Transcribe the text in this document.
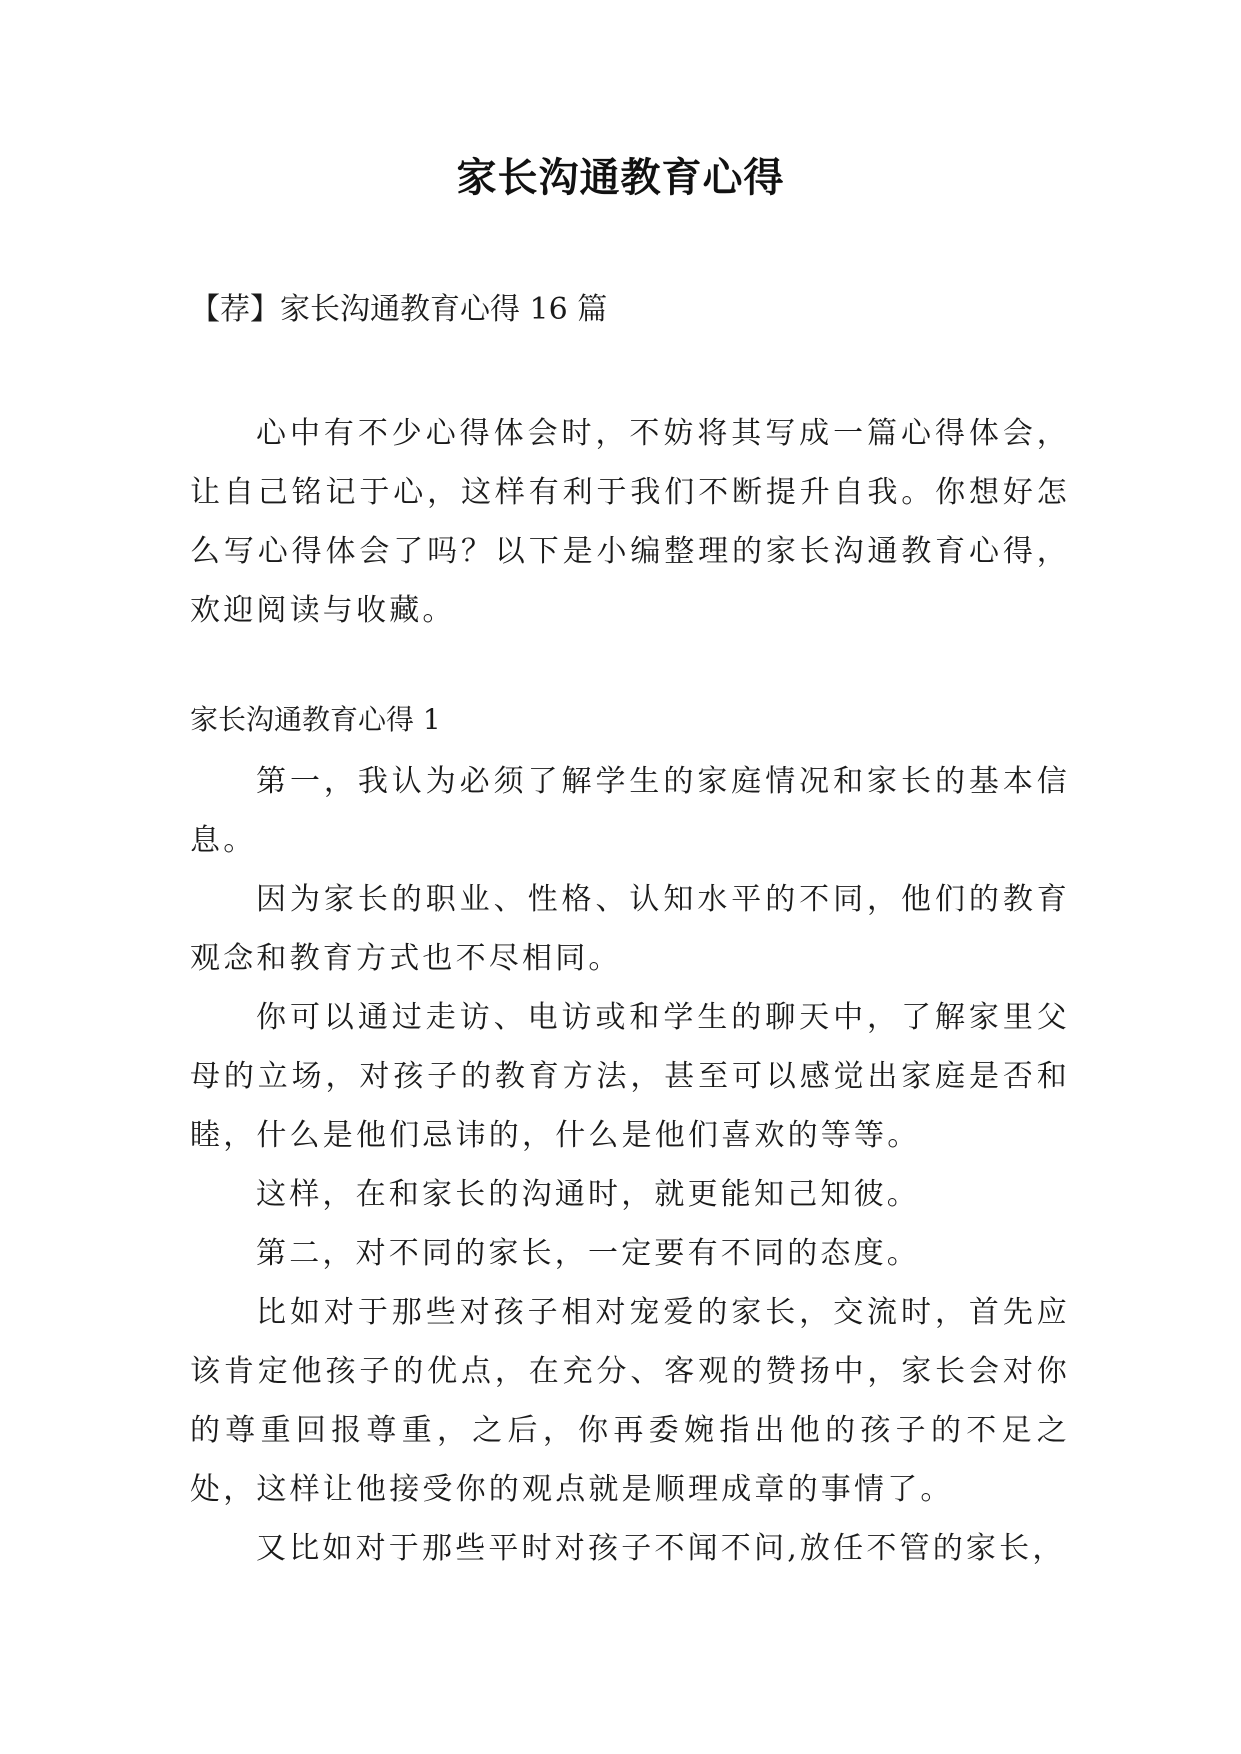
家长沟通教育心得
【荐】家长沟通教育心得 16 篇

心中有不少心得体会时，不妨将其写成一篇心得体会，让自己铭记于心，这样有利于我们不断提升自我。你想好怎么写心得体会了吗？以下是小编整理的家长沟通教育心得，欢迎阅读与收藏。

家长沟通教育心得 1

第一，我认为必须了解学生的家庭情况和家长的基本信息。

因为家长的职业、性格、认知水平的不同，他们的教育观念和教育方式也不尽相同。

你可以通过走访、电访或和学生的聊天中，了解家里父母的立场，对孩子的教育方法，甚至可以感觉出家庭是否和睦，什么是他们忌讳的，什么是他们喜欢的等等。

这样，在和家长的沟通时，就更能知己知彼。

第二，对不同的家长，一定要有不同的态度。

比如对于那些对孩子相对宠爱的家长，交流时，首先应该肯定他孩子的优点，在充分、客观的赞扬中，家长会对你的尊重回报尊重，之后，你再委婉指出他的孩子的不足之处，这样让他接受你的观点就是顺理成章的事情了。

又比如对于那些平时对孩子不闻不问,放任不管的家长，
